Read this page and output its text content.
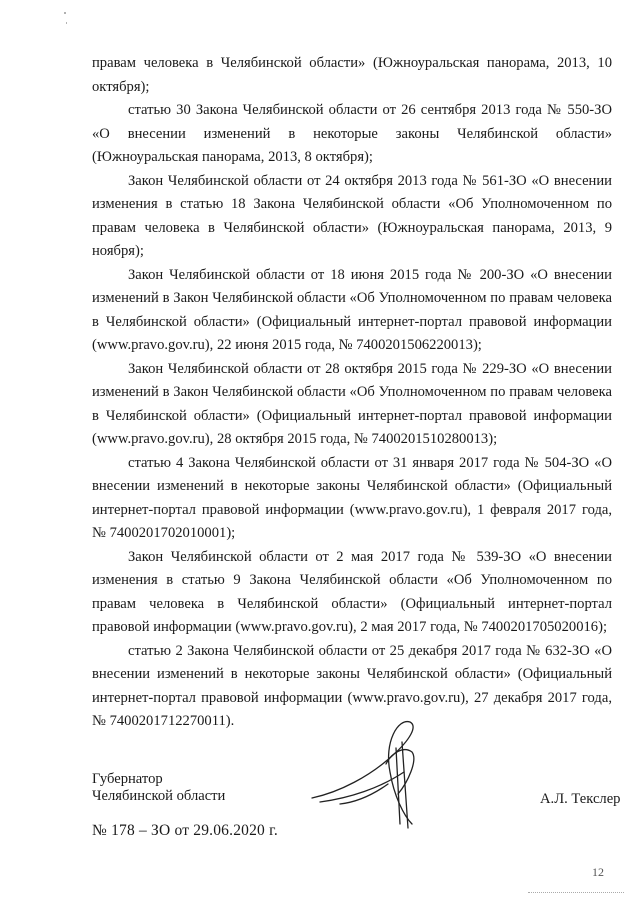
правам человека в Челябинской области» (Южноуральская панорама, 2013, 10 октября);

статью 30 Закона Челябинской области от 26 сентября 2013 года № 550-ЗО «О внесении изменений в некоторые законы Челябинской области» (Южноуральская панорама, 2013, 8 октября);

Закон Челябинской области от 24 октября 2013 года № 561-ЗО «О внесении изменения в статью 18 Закона Челябинской области «Об Уполномоченном по правам человека в Челябинской области» (Южноуральская панорама, 2013, 9 ноября);

Закон Челябинской области от 18 июня 2015 года № 200-ЗО «О внесении изменений в Закон Челябинской области «Об Уполномоченном по правам человека в Челябинской области» (Официальный интернет-портал правовой информации (www.pravo.gov.ru), 22 июня 2015 года, № 7400201506220013);

Закон Челябинской области от 28 октября 2015 года № 229-ЗО «О внесении изменений в Закон Челябинской области «Об Уполномоченном по правам человека в Челябинской области» (Официальный интернет-портал правовой информации (www.pravo.gov.ru), 28 октября 2015 года, № 7400201510280013);

статью 4 Закона Челябинской области от 31 января 2017 года № 504-ЗО «О внесении изменений в некоторые законы Челябинской области» (Официальный интернет-портал правовой информации (www.pravo.gov.ru), 1 февраля 2017 года, № 7400201702010001);

Закон Челябинской области от 2 мая 2017 года № 539-ЗО «О внесении изменения в статью 9 Закона Челябинской области «Об Уполномоченном по правам человека в Челябинской области» (Официальный интернет-портал правовой информации (www.pravo.gov.ru), 2 мая 2017 года, № 7400201705020016);

статью 2 Закона Челябинской области от 25 декабря 2017 года № 632-ЗО «О внесении изменений в некоторые законы Челябинской области» (Официальный интернет-портал правовой информации (www.pravo.gov.ru), 27 декабря 2017 года, № 7400201712270011).

Губернатор
Челябинской области	А.Л. Текслер
№ 178 – ЗО от 29.06.2020 г.
12
